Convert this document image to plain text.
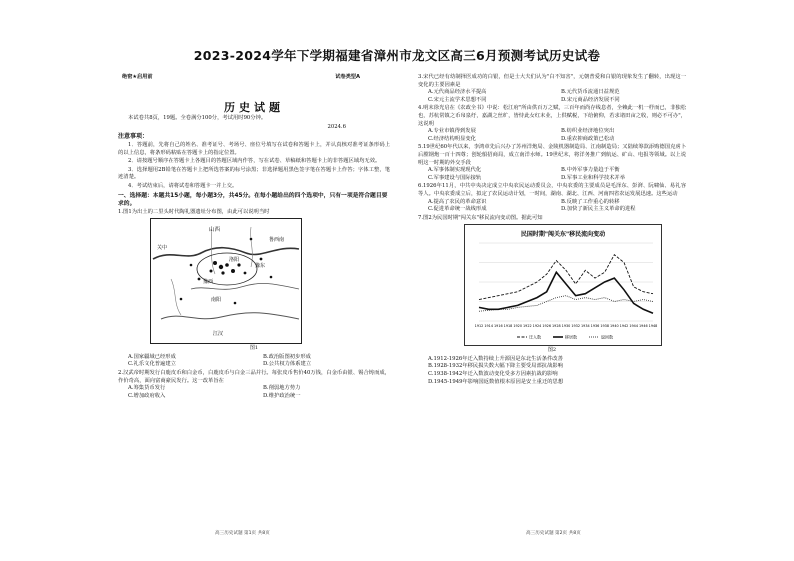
2023-2024学年下学期福建省漳州市龙文区高三6月预测考试历史试卷
绝密★启用前	试卷类型A
历史试题
本试卷共8页，19题。全卷满分100分，考试用时90分钟。
2024.6
注意事项：
1．答题前，先将自己的姓名、准考证号、考场号、座位号填写在试卷和答题卡上，并认真核对准考证条形码上的以上信息，将条形码粘贴在答题卡上的指定位置。
2．请按题号顺序在答题卡上各题目的答题区域内作答，写在试卷、草稿纸和答题卡上的非答题区域均无效。
3．选择题用2B铅笔在答题卡上把所选答案的标号涂黑；非选择题用黑色签字笔在答题卡上作答；字体工整，笔迹清楚。
4．考试结束后，请将试卷和答题卡一并上交。
一、选择题：本题共15小题，每小题3分，共45分。在每小题给出的四个选项中，只有一项是符合题目要求的。
1.图1为出土的二里头时代陶礼器遗址分布图，由此可以说明当时
山西
豫西
豫东
洛阳
关中
南阳
鲁西南
江汉
图1
A.国家疆域已经形成	B.政治版图初步形成
C.礼乐文化普遍建立	D.公共权力体系建立
2.汉武帝时期发行白鹿皮币和白金币，白鹿皮币与白金三品并行。每张皮币售价40万钱，白金币由银、锡合铸而成，作价奇高，面向富商豪民发行。这一改革旨在
A.筹集货币发行	B.削弱地方势力
C.增加政府收入	D.维护政治统一
3.宋代已经有幼制择医成功的白银，但是士大夫们认为"白不知害"，元朝普爱和白银的现象发生了翻转，出现这一变化的主要因素是
A.元代商品经济水平提高	B.元代货币流通日益规范
C.宋元主流学术思想不同	D.宋元商品经济发展不同
4.明末徐光启在《农政全书》中说：松江府"所由供百万之赋，三百年而尚存线息者，全赖此一机一杼而已，非独松也，苏杭常镇之币帛泉纡，嘉湖之丝纩，皆恃此女红末业，上供赋税，下给俯仰，若求诸田亩之收，则必不可办"，这说明
A.专业市镇得到发展	B.纺织业经济地位突出
C.经济结构明显变化	D.重农抑商政策已松动
5.19世纪60年代以来，李鸿章先后兴办了苏州洋炮局、金陵机器制造局、江南制造局；又陆续筹款添购德国克虏卜后膛钢炮一百十四尊；创轮船招商局，成立南洋水师。19世纪末，将洋务推广到航运、矿山、电报等领域。以上说明这一时期的外交手段
A.军事体制实现现代化	B.中外军事力量趋于平衡
C.军事建设与国际接轨	D.军事工业和科学技术并举
6.1926年11月，中共中央决定成立中央农民运动委员会，中央农委的主要成员是毛泽东、彭湃、阮啸仙、易礼容等人。中央农委成立后，拟定了农民运动计划，一时间，湖南、湖北、江西、河南四省农运发展迅速。这些运动
A.提高了农民的革命意识	B.反映了工作重心的转移
C.促进革命统一战线形成	D.加快了新民主主义革命的进程
7.图2为民国时期"闯关东"移民流向变动图。据此可知
民国时期"闯关东"移民流向变动
1912 1914 1916 1918 1920 1922 1924 1926 1928 1930 1932 1934 1936 1938 1940 1942 1944 1946 1948
迁入数	移居数	返回数
图2
A.1912-1926年迁入数持续上升源因是东北生活条件改善
B.1928-1932年移民损失数大幅下降主要受局部抗战影响
C.1938-1942年迁入数波动变化受多方因素抗战的影响
D.1945-1949年影响国返数值根本原因是安土重迁的思想
高三历史试题 第1页 共8页	高三历史试题 第2页 共8页
